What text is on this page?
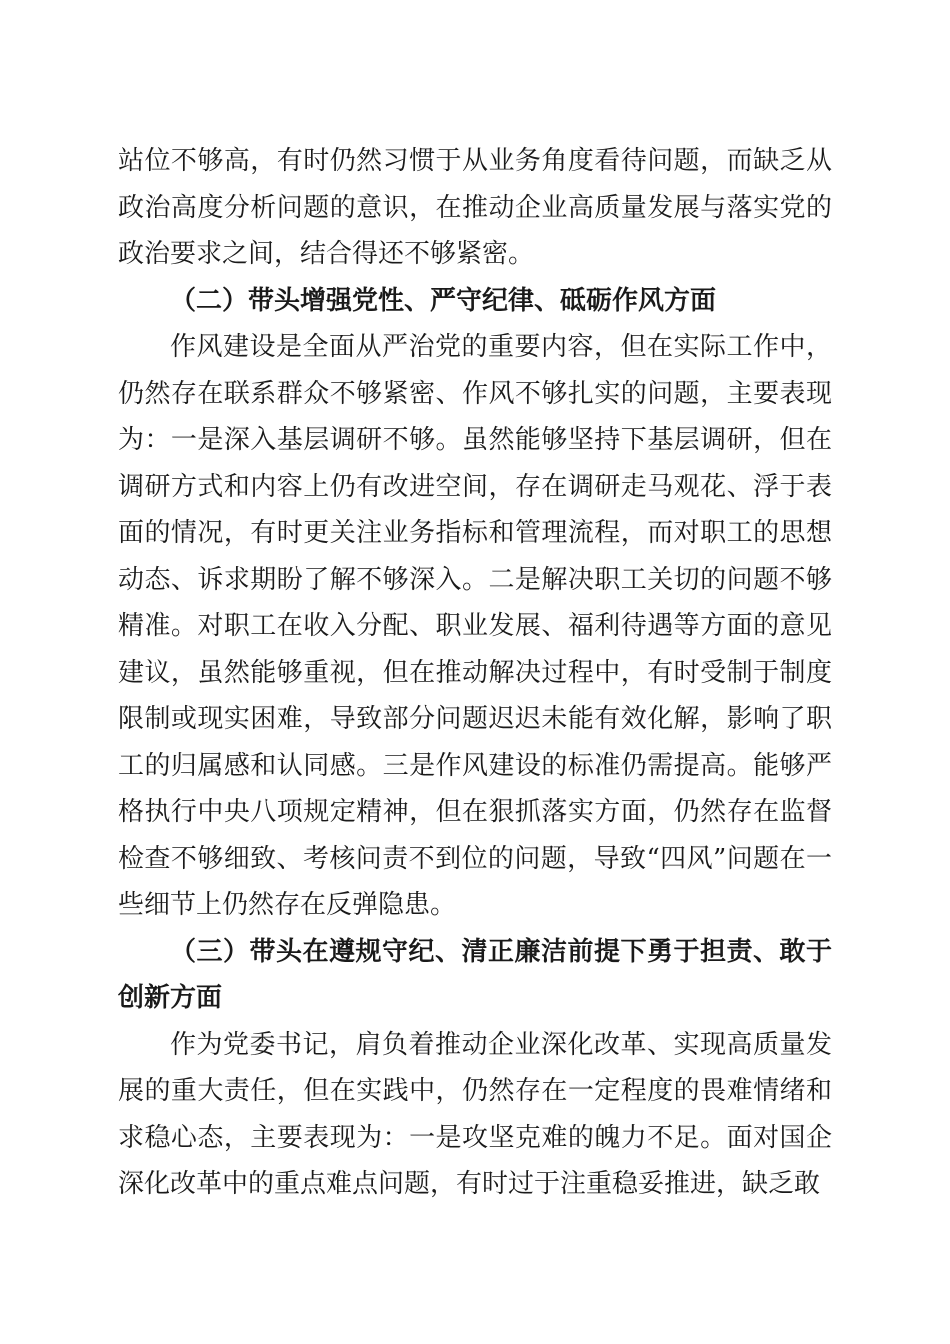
站位不够高，有时仍然习惯于从业务角度看待问题，而缺乏从政治高度分析问题的意识，在推动企业高质量发展与落实党的政治要求之间，结合得还不够紧密。

（二）带头增强党性、严守纪律、砥砺作风方面

作风建设是全面从严治党的重要内容，但在实际工作中，仍然存在联系群众不够紧密、作风不够扎实的问题，主要表现为：一是深入基层调研不够。虽然能够坚持下基层调研，但在调研方式和内容上仍有改进空间，存在调研走马观花、浮于表面的情况，有时更关注业务指标和管理流程，而对职工的思想动态、诉求期盼了解不够深入。二是解决职工关切的问题不够精准。对职工在收入分配、职业发展、福利待遇等方面的意见建议，虽然能够重视，但在推动解决过程中，有时受制于制度限制或现实困难，导致部分问题迟迟未能有效化解，影响了职工的归属感和认同感。三是作风建设的标准仍需提高。能够严格执行中央八项规定精神，但在狠抓落实方面，仍然存在监督检查不够细致、考核问责不到位的问题，导致“四风”问题在一些细节上仍然存在反弹隐患。

（三）带头在遵规守纪、清正廉洁前提下勇于担责、敢于创新方面

作为党委书记，肩负着推动企业深化改革、实现高质量发展的重大责任，但在实践中，仍然存在一定程度的畏难情绪和求稳心态，主要表现为：一是攻坚克难的魄力不足。面对国企深化改革中的重点难点问题，有时过于注重稳妥推进，缺乏敢
